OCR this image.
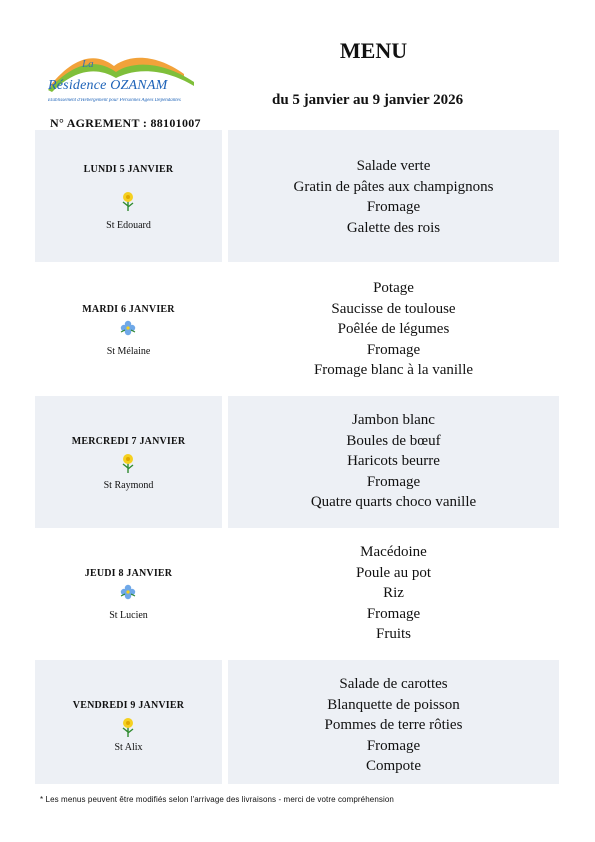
La
Résidence OZANAM
Etablissement d'Hébergement pour Personnes Agées Dépendantes
N° AGREMENT : 88101007
MENU
du 5 janvier au 9 janvier 2026
LUNDI 5 JANVIER
St Edouard
Salade verte
Gratin de pâtes aux champignons
Fromage
Galette des rois
MARDI 6 JANVIER
St Mélaine
Potage
Saucisse de toulouse
Poêlée de légumes
Fromage
Fromage blanc à la vanille
MERCREDI 7 JANVIER
St Raymond
Jambon blanc
Boules de bœuf
Haricots beurre
Fromage
Quatre quarts choco vanille
JEUDI 8 JANVIER
St Lucien
Macédoine
Poule au pot
Riz
Fromage
Fruits
VENDREDI 9 JANVIER
St Alix
Salade de carottes
Blanquette de poisson
Pommes de terre rôties
Fromage
Compote
* Les menus peuvent être modifiés selon l'arrivage des livraisons - merci de votre compréhension
